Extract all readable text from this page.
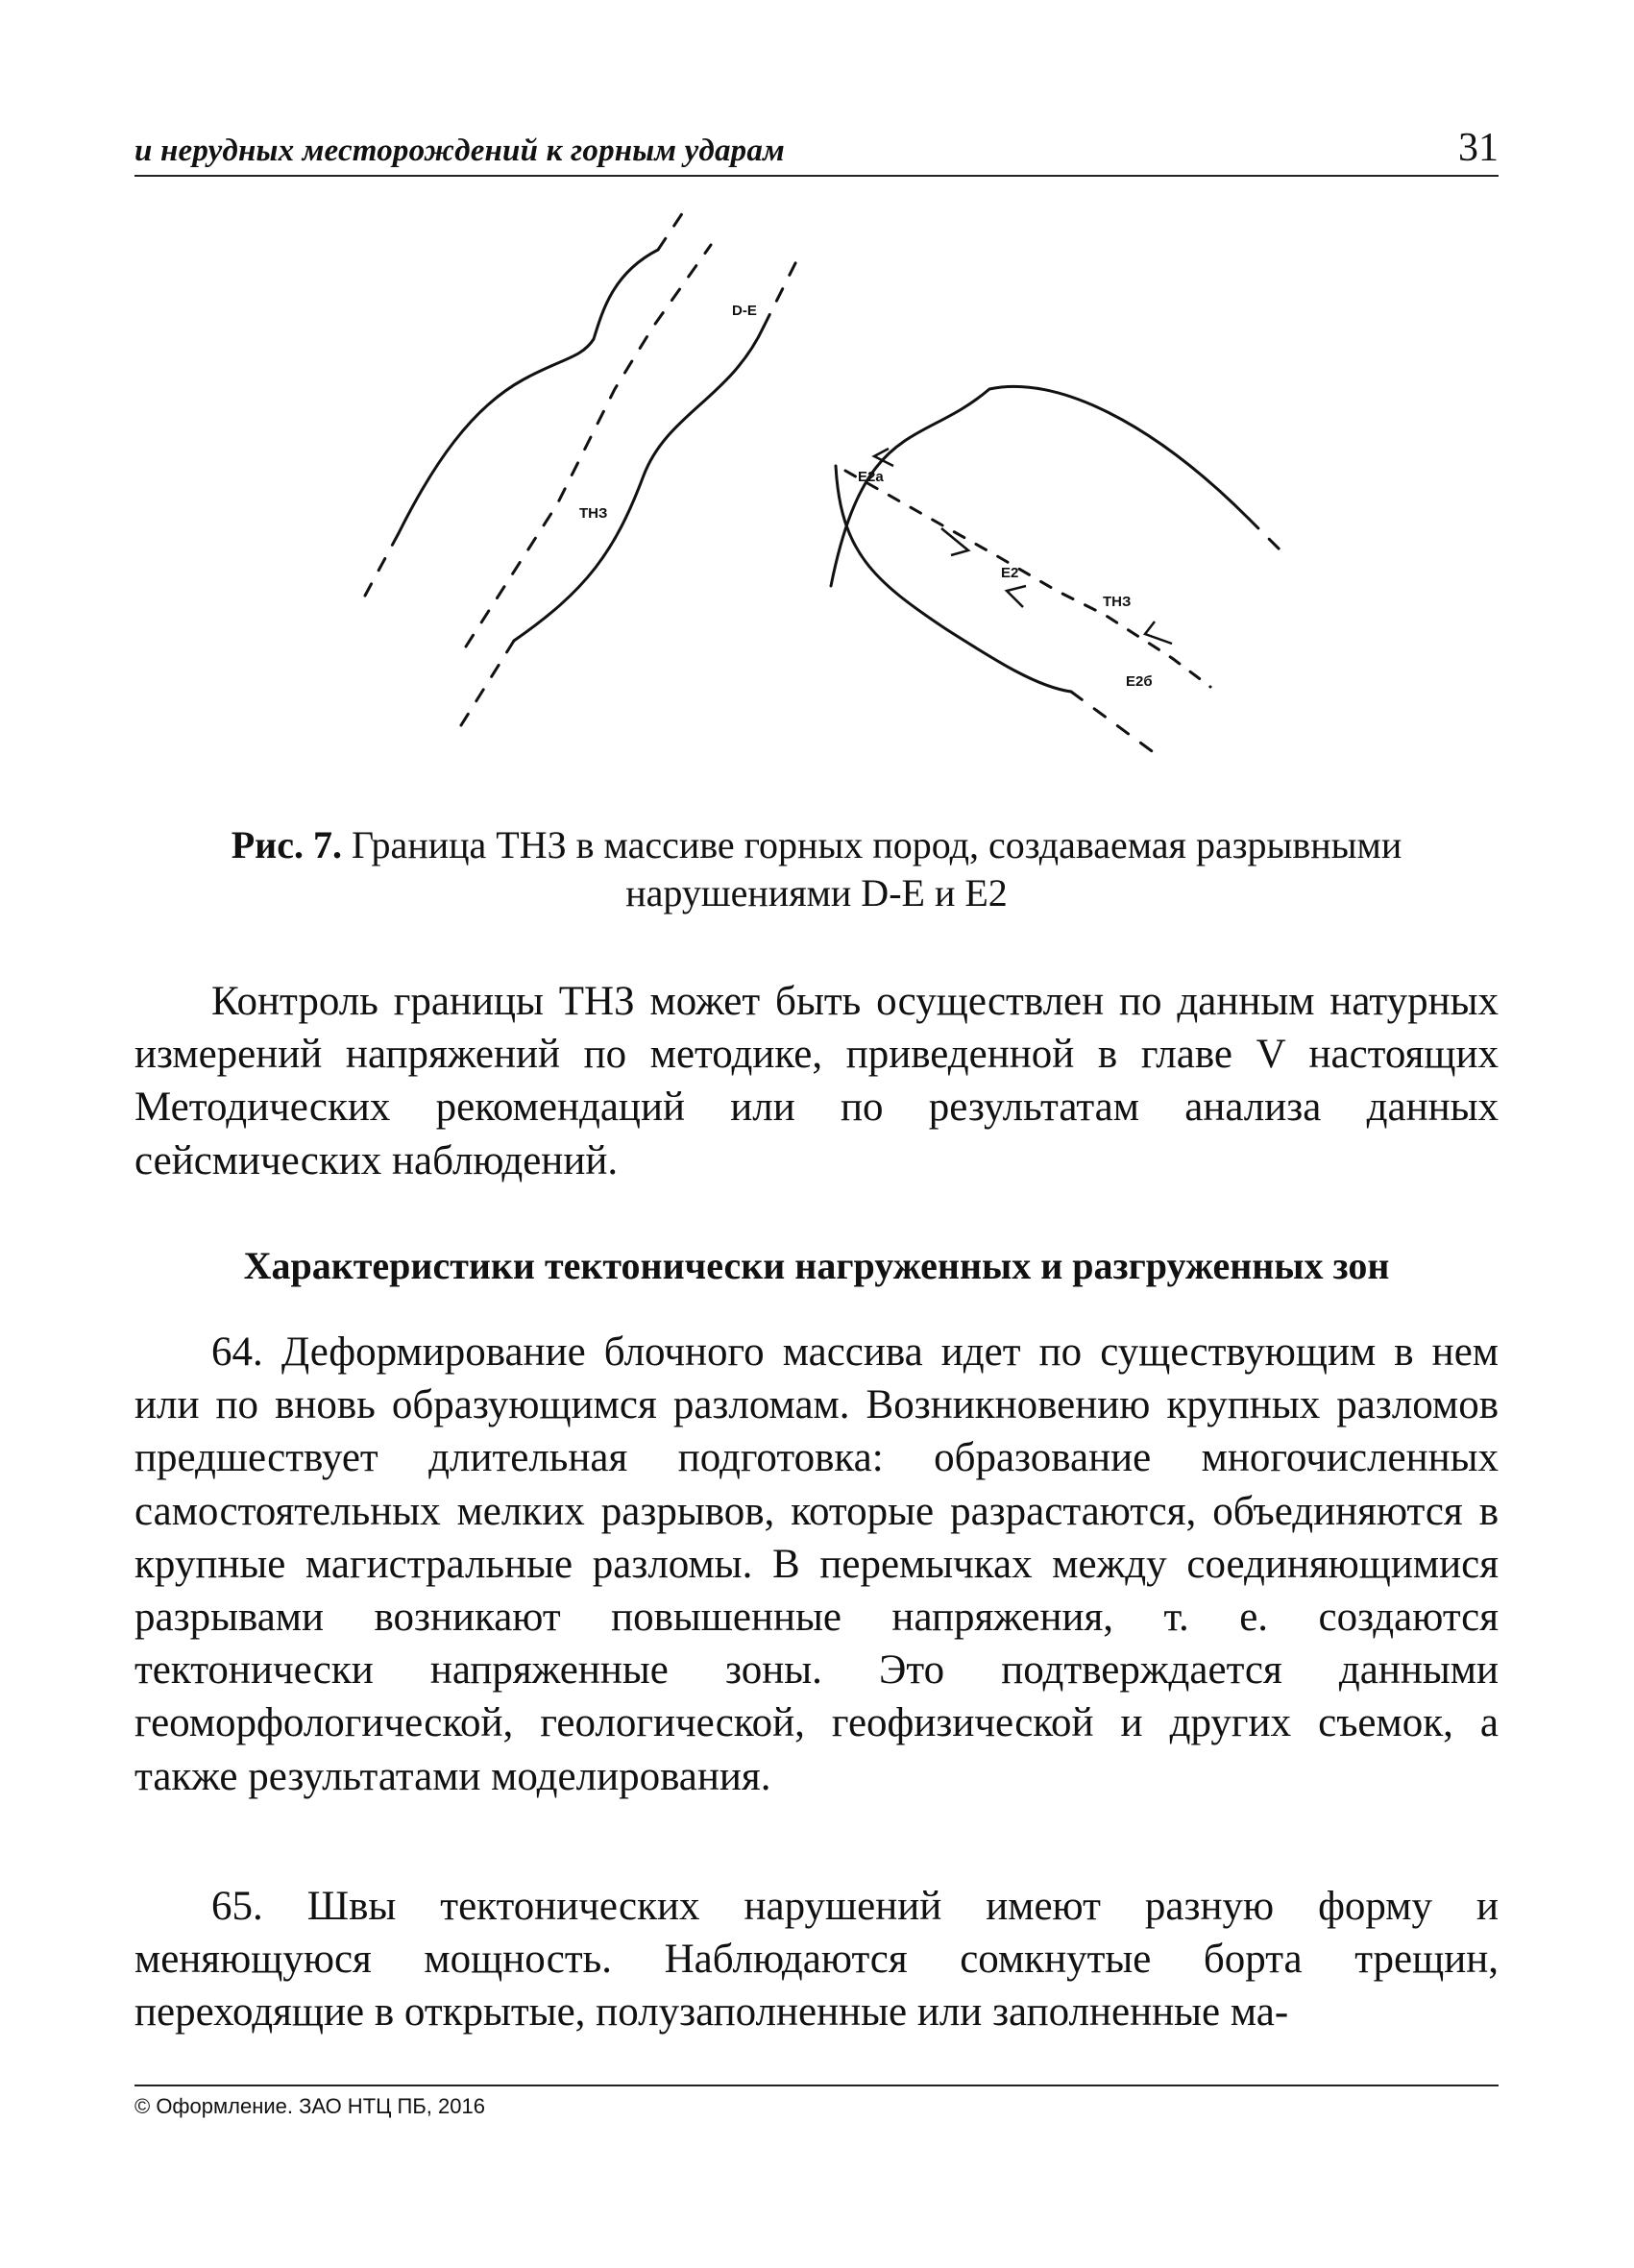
и нерудных месторождений к горным ударам	31
D-E
ТНЗ
E2a
E2
ТНЗ
E2б
Рис. 7. Граница ТНЗ в массиве горных пород, создаваемая разрывными нарушениями D-E и E2

Контроль границы ТНЗ может быть осуществлен по данным натурных измерений напряжений по методике, приведенной в главе V настоящих Методических рекомендаций или по результатам анализа данных сейсмических наблюдений.

Характеристики тектонически нагруженных и разгруженных зон

64. Деформирование блочного массива идет по существующим в нем или по вновь образующимся разломам. Возникновению крупных разломов предшествует длительная подготовка: образование многочисленных самостоятельных мелких разрывов, которые разрастаются, объединяются в крупные магистральные разломы. В перемычках между соединяющимися разрывами возникают повышенные напряжения, т. е. создаются тектонически напряженные зоны. Это подтверждается данными геоморфологической, геологической, геофизической и других съемок, а также результатами моделирования.

65. Швы тектонических нарушений имеют разную форму и меняющуюся мощность. Наблюдаются сомкнутые борта трещин, переходящие в открытые, полузаполненные или заполненные ма-

© Оформление. ЗАО НТЦ ПБ, 2016
